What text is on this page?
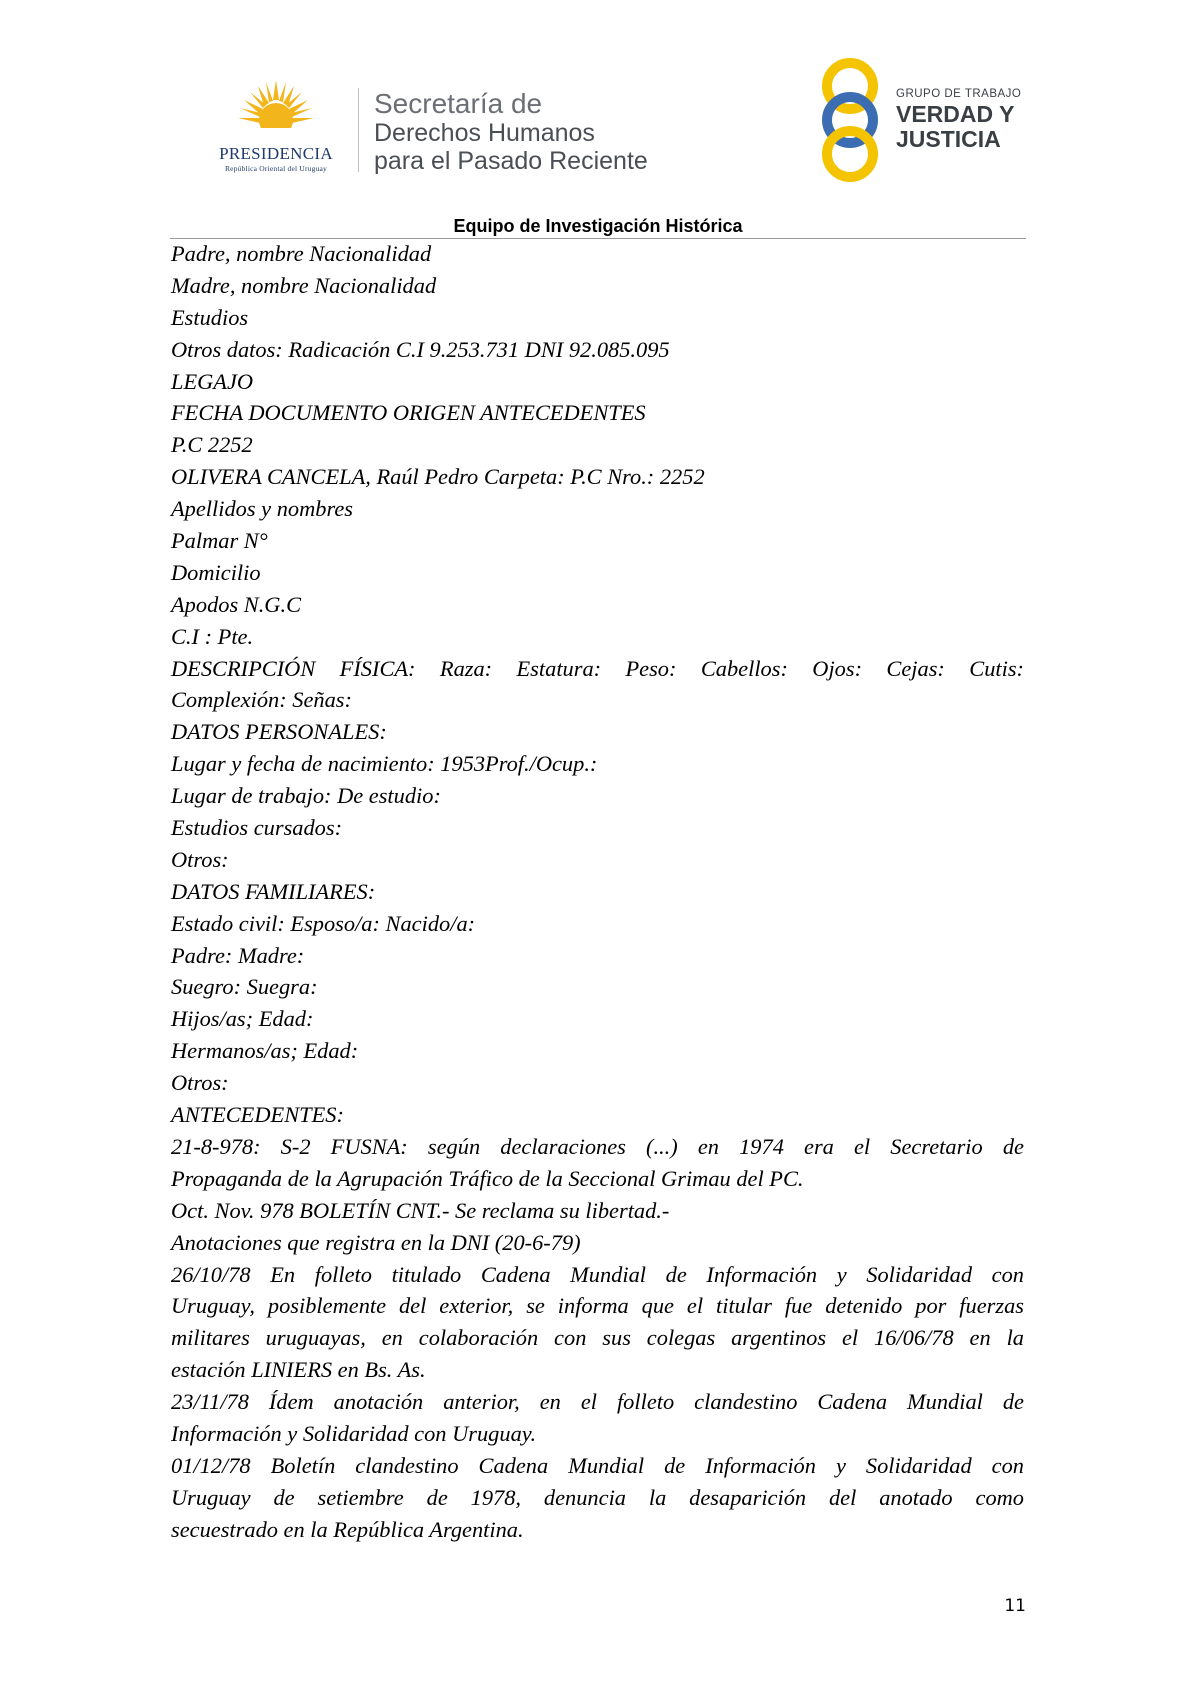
PRESIDENCIA
República Oriental del Uruguay
Secretaría de
Derechos Humanos
para el Pasado Reciente
GRUPO DE TRABAJO
VERDAD Y
JUSTICIA
Equipo de Investigación Histórica
Padre, nombre Nacionalidad
Madre, nombre Nacionalidad
Estudios
Otros datos: Radicación C.I 9.253.731 DNI 92.085.095
LEGAJO
FECHA DOCUMENTO ORIGEN ANTECEDENTES
P.C 2252
OLIVERA CANCELA, Raúl Pedro Carpeta: P.C Nro.: 2252
Apellidos y nombres
Palmar N°
Domicilio
Apodos N.G.C
C.I : Pte.
DESCRIPCIÓN FÍSICA: Raza: Estatura: Peso: Cabellos: Ojos: Cejas: Cutis:
Complexión: Señas:
DATOS PERSONALES:
Lugar y fecha de nacimiento: 1953Prof./Ocup.:
Lugar de trabajo: De estudio:
Estudios cursados:
Otros:
DATOS FAMILIARES:
Estado civil: Esposo/a: Nacido/a:
Padre: Madre:
Suegro: Suegra:
Hijos/as; Edad:
Hermanos/as; Edad:
Otros:
ANTECEDENTES:
21-8-978: S-2 FUSNA: según declaraciones (...) en 1974 era el Secretario de
Propaganda de la Agrupación Tráfico de la Seccional Grimau del PC.
Oct. Nov. 978 BOLETÍN CNT.- Se reclama su libertad.-
Anotaciones que registra en la DNI (20-6-79)
26/10/78 En folleto titulado Cadena Mundial de Información y Solidaridad con
Uruguay, posiblemente del exterior, se informa que el titular fue detenido por fuerzas
militares uruguayas, en colaboración con sus colegas argentinos el 16/06/78 en la
estación LINIERS en Bs. As.
23/11/78 Ídem anotación anterior, en el folleto clandestino Cadena Mundial de
Información y Solidaridad con Uruguay.
01/12/78 Boletín clandestino Cadena Mundial de Información y Solidaridad con
Uruguay de setiembre de 1978, denuncia la desaparición del anotado como
secuestrado en la República Argentina.
11
